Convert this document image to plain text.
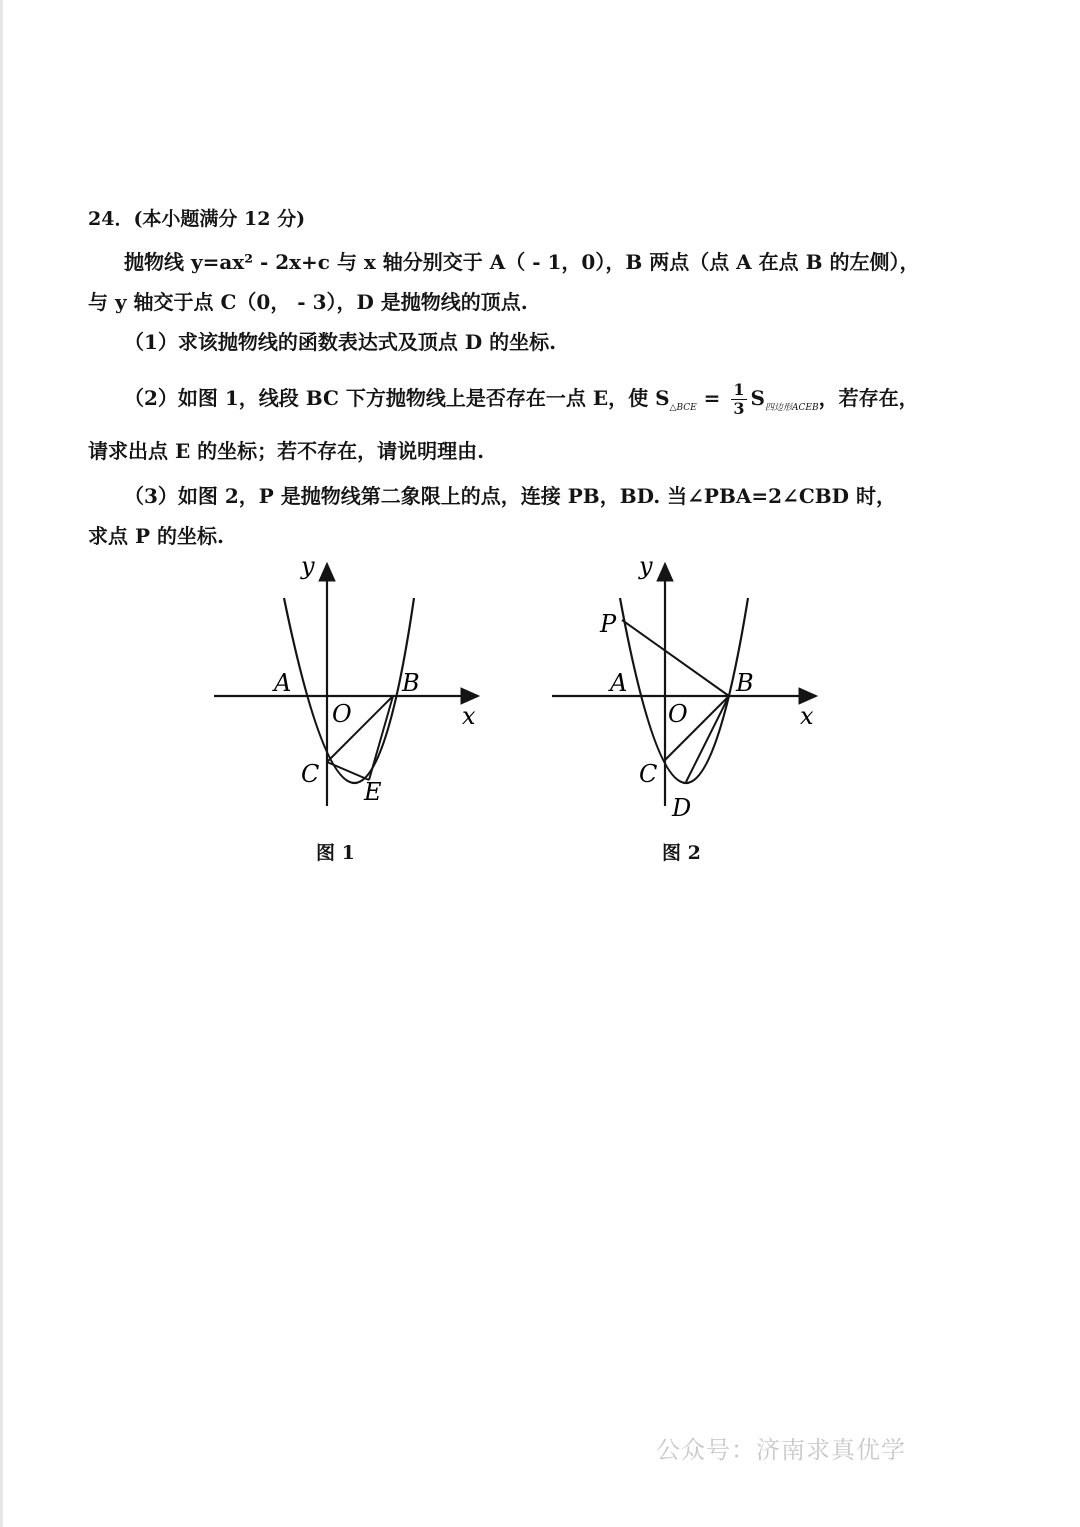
24．(本小题满分 12 分)
抛物线 y=ax² - 2x+c 与 x 轴分别交于 A（ - 1，0），B 两点（点 A 在点 B 的左侧），
与 y 轴交于点 C（0， - 3），D 是抛物线的顶点.
（1）求该抛物线的函数表达式及顶点 D 的坐标.
（2）如图 1，线段 BC 下方抛物线上是否存在一点 E，使 $S_{\triangle BCE} = \frac{1}{3} S_{四边形ACEB}$，若存在，
请求出点 E 的坐标；若不存在，请说明理由.
（3）如图 2，P 是抛物线第二象限上的点，连接 PB，BD. 当∠PBA=2∠CBD 时，
求点 P 的坐标.
y
x
A	B
O
C
E
图 1
y
x
P
A	B
O
C
D
图 2
公众号：济南求真优学
